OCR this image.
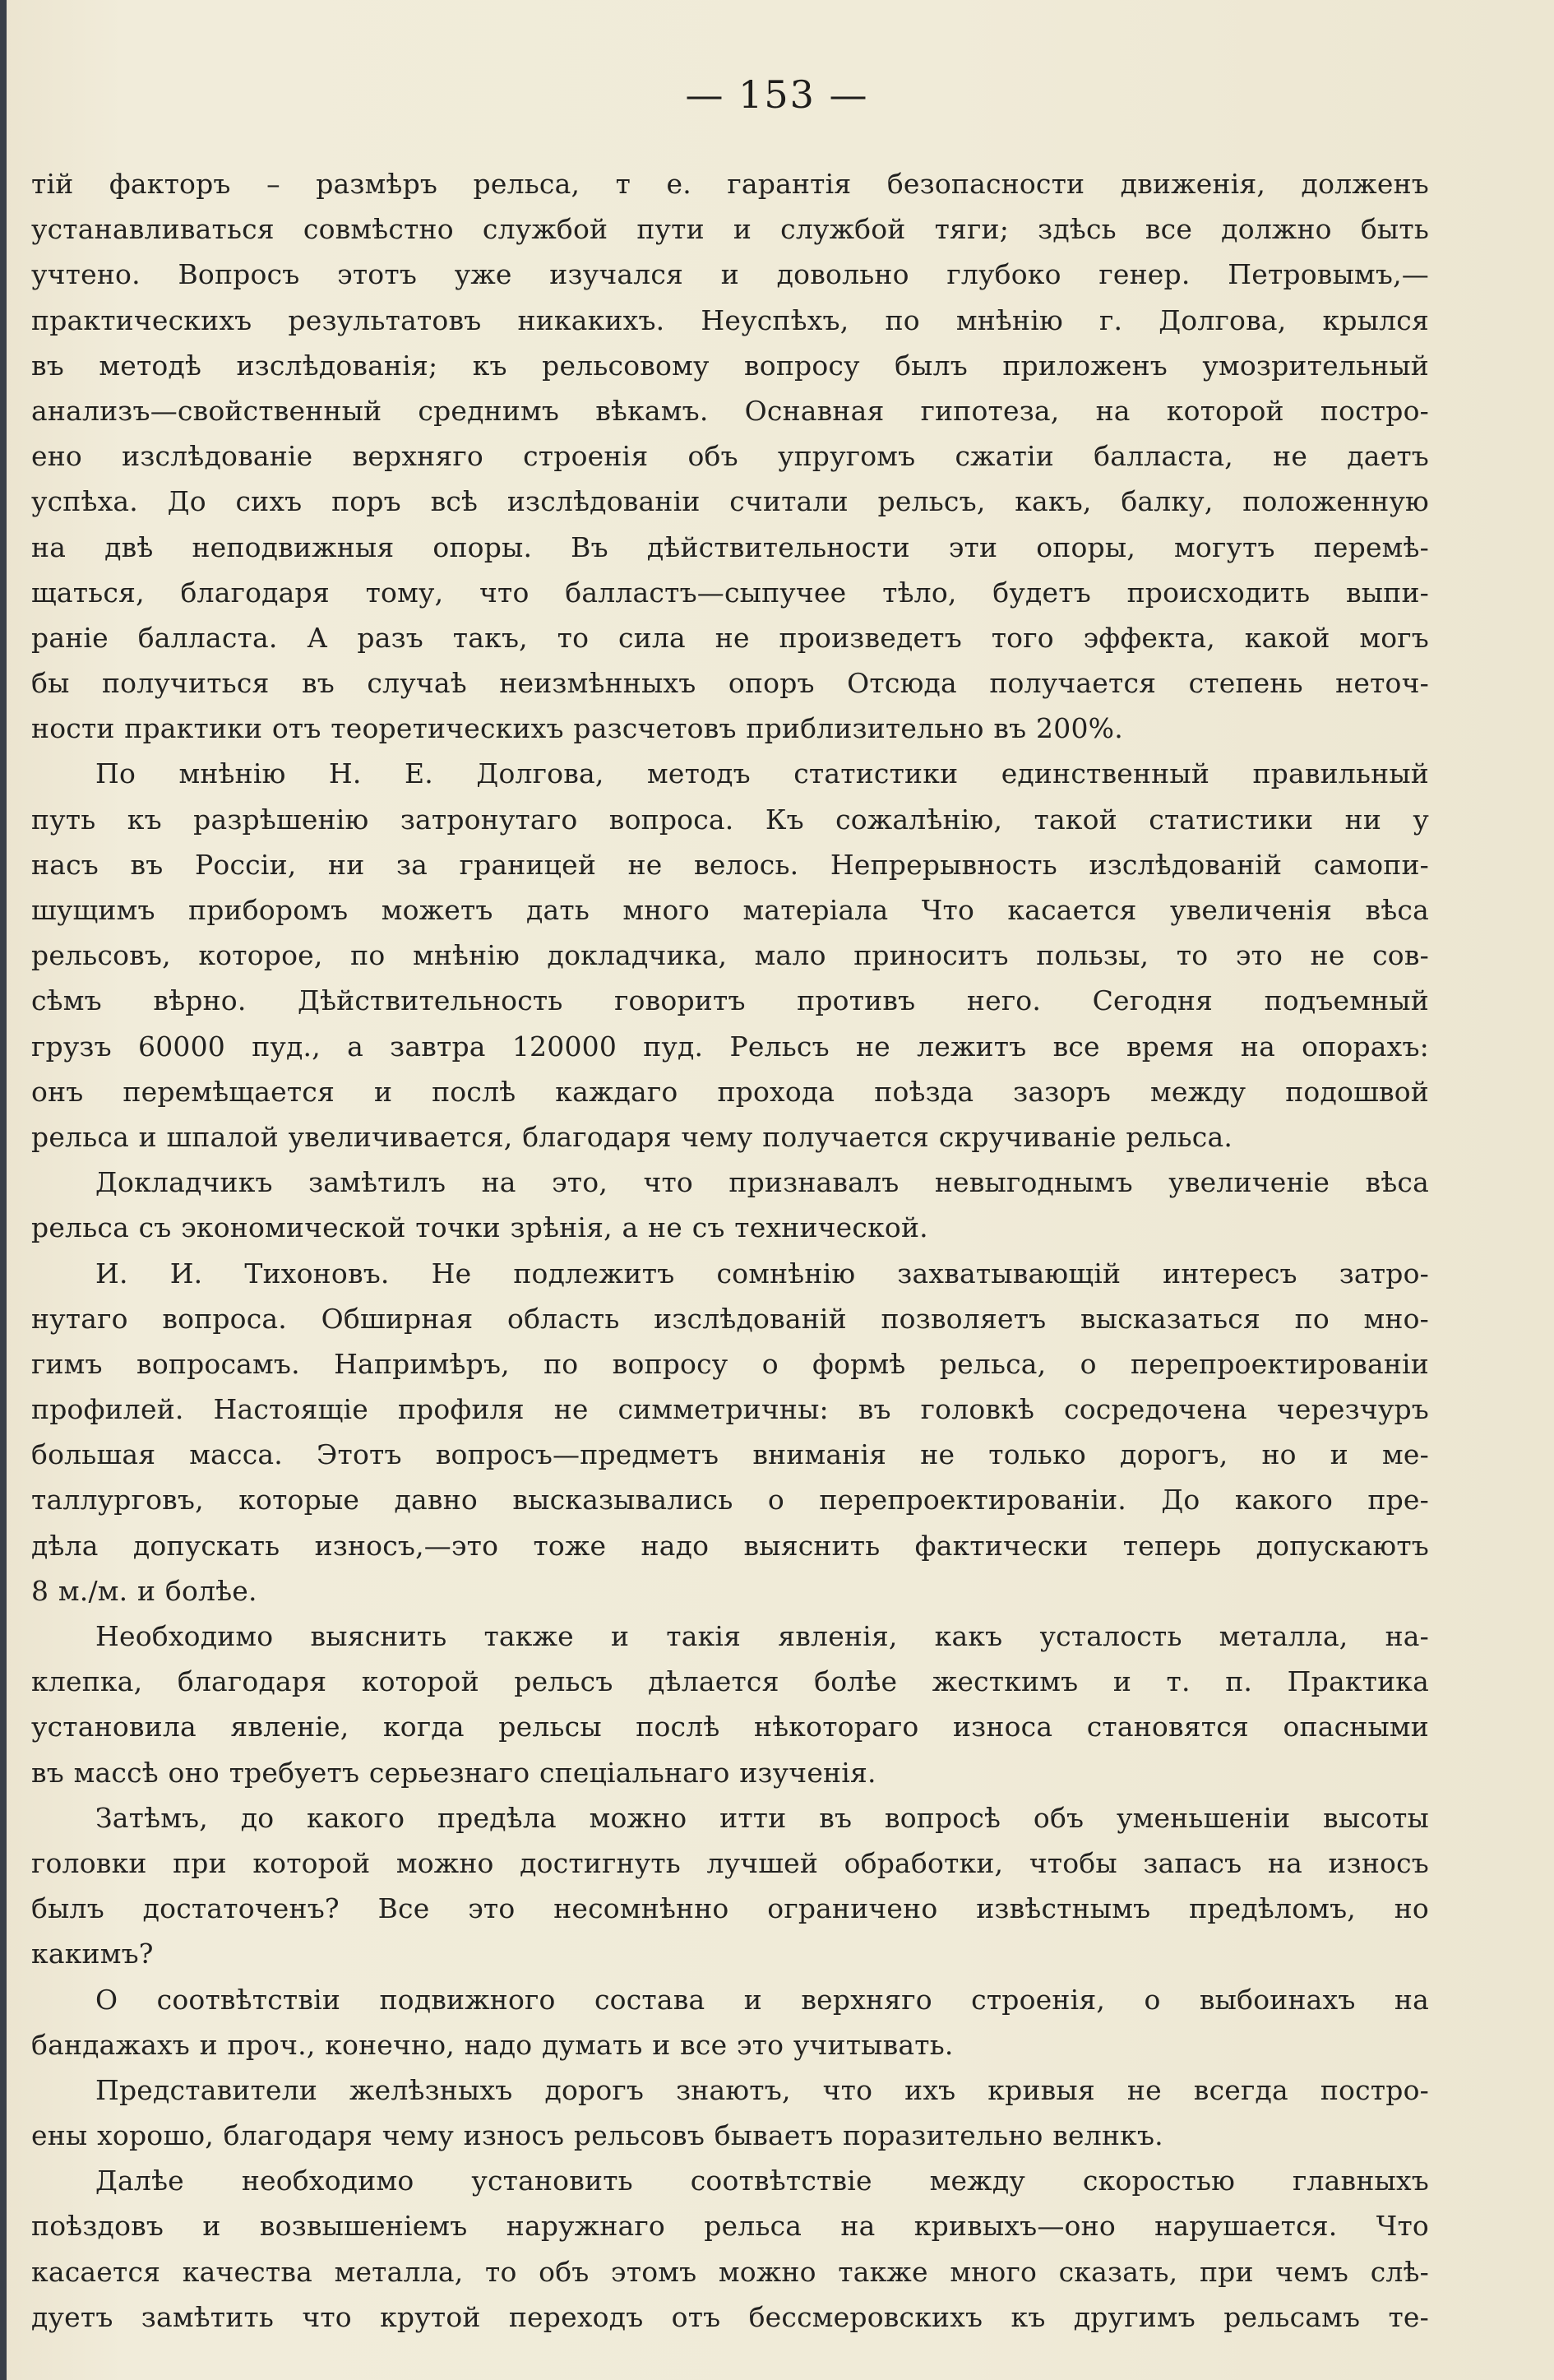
— 153 —
тій факторъ – размѣръ рельса, т е. гарантія безопасности движенія, долженъ
устанавливаться совмѣстно службой пути и службой тяги; здѣсь все должно быть
учтено. Вопросъ этотъ уже изучался и довольно глубоко генер. Петровымъ,—
практическихъ результатовъ никакихъ. Неуспѣхъ, по мнѣнію г. Долгова, крылся
въ методѣ изслѣдованія; къ рельсовому вопросу былъ приложенъ умозрительный
анализъ—свойственный среднимъ вѣкамъ. Оснавная гипотеза, на которой постро-
ено изслѣдованіе верхняго строенія объ упругомъ сжатіи балласта, не даетъ
успѣха. До сихъ поръ всѣ изслѣдованіи считали рельсъ, какъ, балку, положенную
на двѣ неподвижныя опоры. Въ дѣйствительности эти опоры, могутъ перемѣ-
щаться, благодаря тому, что балластъ—сыпучее тѣло, будетъ происходить выпи-
раніе балласта. А разъ такъ, то сила не произведетъ того эффекта, какой могъ
бы получиться въ случаѣ неизмѣнныхъ опоръ Отсюда получается степень неточ-
ности практики отъ теоретическихъ разсчетовъ приблизительно въ 200%.
По мнѣнію Н. Е. Долгова, методъ статистики единственный правильный
путь къ разрѣшенію затронутаго вопроса. Къ сожалѣнію, такой статистики ни у
насъ въ Россіи, ни за границей не велось. Непрерывность изслѣдованій самопи-
шущимъ приборомъ можетъ дать много матеріала Что касается увеличенія вѣса
рельсовъ, которое, по мнѣнію докладчика, мало приноситъ пользы, то это не сов-
сѣмъ вѣрно. Дѣйствительность говоритъ противъ него. Сегодня подъемный
грузъ 60000 пуд., а завтра 120000 пуд. Рельсъ не лежитъ все время на опорахъ:
онъ перемѣщается и послѣ каждаго прохода поѣзда зазоръ между подошвой
рельса и шпалой увеличивается, благодаря чему получается скручиваніе рельса.
Докладчикъ замѣтилъ на это, что признавалъ невыгоднымъ увеличеніе вѣса
рельса съ экономической точки зрѣнія, а не съ технической.
И. И. Тихоновъ. Не подлежитъ сомнѣнію захватывающій интересъ затро-
нутаго вопроса. Обширная область изслѣдованій позволяетъ высказаться по мно-
гимъ вопросамъ. Напримѣръ, по вопросу о формѣ рельса, о перепроектированіи
профилей. Настоящіе профиля не симметричны: въ головкѣ сосредочена черезчуръ
большая масса. Этотъ вопросъ—предметъ вниманія не только дорогъ, но и ме-
таллурговъ, которые давно высказывались о перепроектированіи. До какого пре-
дѣла допускать износъ,—это тоже надо выяснить фактически теперь допускаютъ
8 м./м. и болѣе.
Необходимо выяснить также и такія явленія, какъ усталость металла, на-
клепка, благодаря которой рельсъ дѣлается болѣе жесткимъ и т. п. Практика
установила явленіе, когда рельсы послѣ нѣкотораго износа становятся опасными
въ массѣ оно требуетъ серьезнаго спеціальнаго изученія.
Затѣмъ, до какого предѣла можно итти въ вопросѣ объ уменьшеніи высоты
головки при которой можно достигнуть лучшей обработки, чтобы запасъ на износъ
былъ достаточенъ? Все это несомнѣнно ограничено извѣстнымъ предѣломъ, но
какимъ?
О соотвѣтствіи подвижного состава и верхняго строенія, о выбоинахъ на
бандажахъ и проч., конечно, надо думать и все это учитывать.
Представители желѣзныхъ дорогъ знаютъ, что ихъ кривыя не всегда постро-
ены хорошо, благодаря чему износъ рельсовъ бываетъ поразительно велнкъ.
Далѣе необходимо установить соотвѣтствіе между скоростью главныхъ
поѣздовъ и возвышеніемъ наружнаго рельса на кривыхъ—оно нарушается. Что
касается качества металла, то объ этомъ можно также много сказать, при чемъ слѣ-
дуетъ замѣтить что крутой переходъ отъ бессмеровскихъ къ другимъ рельсамъ те-
